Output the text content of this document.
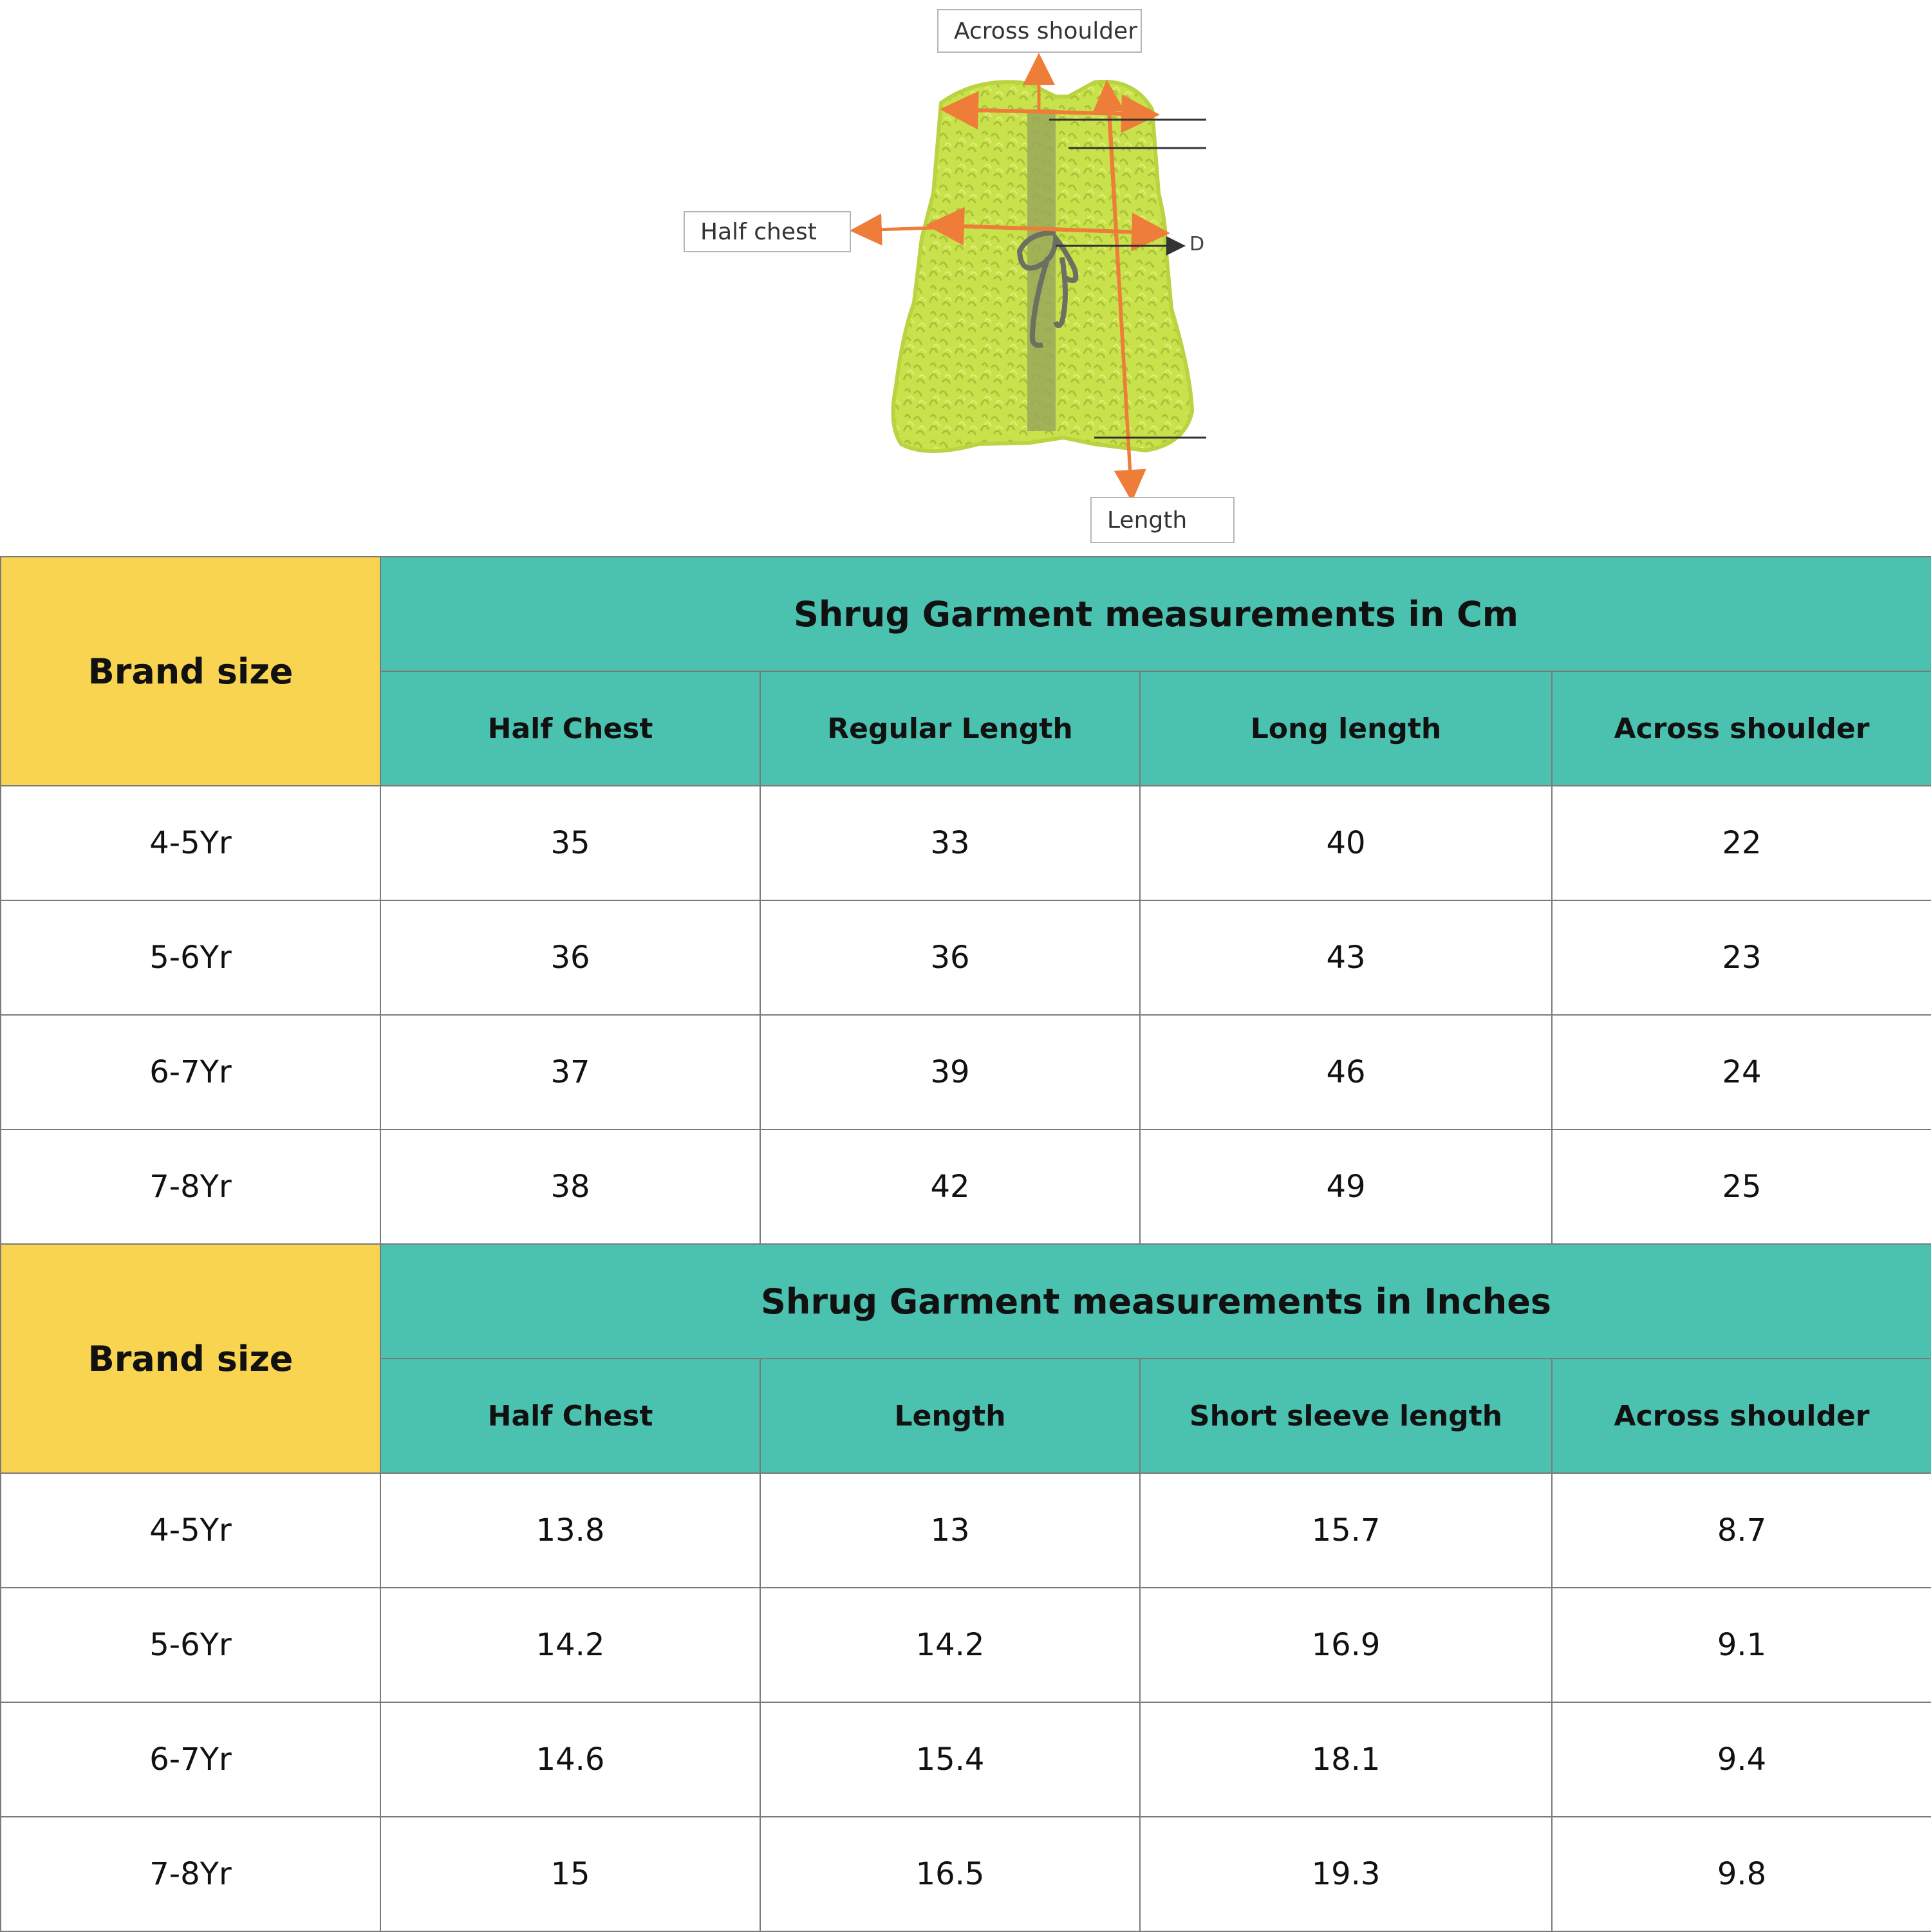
Across shoulder
Half chest
Length
D
Brand size	Shrug Garment measurements in Cm			
	Half Chest	Regular Length	Long length	Across shoulder
4-5Yr	35	33	40	22
5-6Yr	36	36	43	23
6-7Yr	37	39	46	24
7-8Yr	38	42	49	25
Brand size	Shrug Garment measurements in Inches			
	Half Chest	Length	Short sleeve length	Across shoulder
4-5Yr	13.8	13	15.7	8.7
5-6Yr	14.2	14.2	16.9	9.1
6-7Yr	14.6	15.4	18.1	9.4
7-8Yr	15	16.5	19.3	9.8
